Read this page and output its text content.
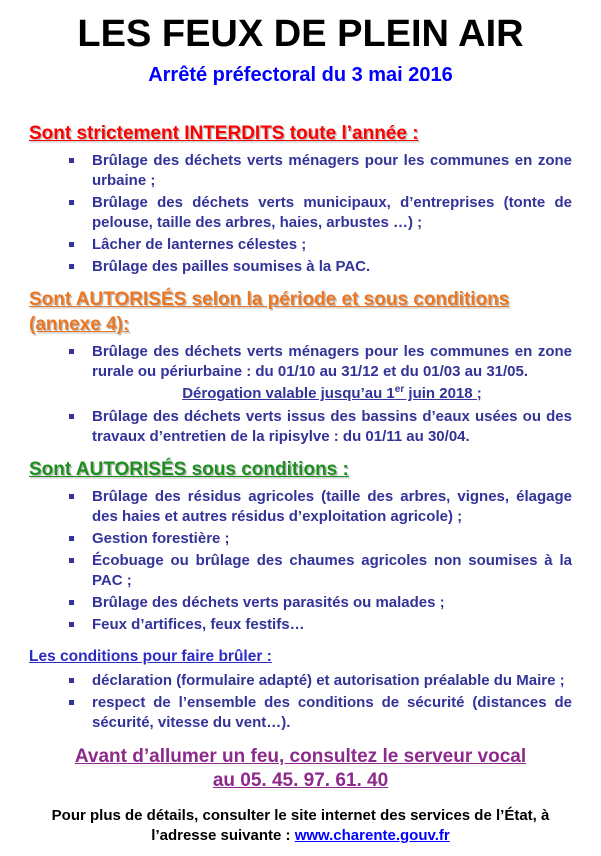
LES FEUX DE PLEIN AIR
Arrêté préfectoral du 3 mai 2016
Sont strictement INTERDITS toute l’année :
Brûlage des déchets verts ménagers pour les communes en zone urbaine ;
Brûlage des déchets verts municipaux, d’entreprises (tonte de pelouse, taille des arbres, haies, arbustes …) ;
Lâcher de lanternes célestes ;
Brûlage des pailles soumises à la PAC.
Sont AUTORISÉS selon la période et sous conditions
(annexe 4):
Brûlage des déchets verts ménagers pour les communes en zone rurale ou périurbaine : du 01/10 au 31/12 et du 01/03 au 31/05.
Dérogation valable jusqu’au 1er juin 2018 ;
Brûlage des déchets verts issus des bassins d’eaux usées ou des travaux d’entretien de la ripisylve : du 01/11 au 30/04.
Sont AUTORISÉS sous conditions :
Brûlage des résidus agricoles (taille des arbres, vignes, élagage des haies et autres résidus d’exploitation agricole) ;
Gestion forestière ;
Écobuage ou brûlage des chaumes agricoles non soumises à la PAC ;
Brûlage des déchets verts parasités ou malades ;
Feux d’artifices, feux festifs…
Les conditions pour faire brûler :
déclaration (formulaire adapté) et autorisation préalable du Maire ;
respect de l’ensemble des conditions de sécurité (distances de sécurité, vitesse du vent…).
Avant d’allumer un feu, consultez le serveur vocal
au 05. 45. 97. 61. 40
Pour plus de détails, consulter le site internet des services de l’État, à l’adresse suivante : www.charente.gouv.fr
